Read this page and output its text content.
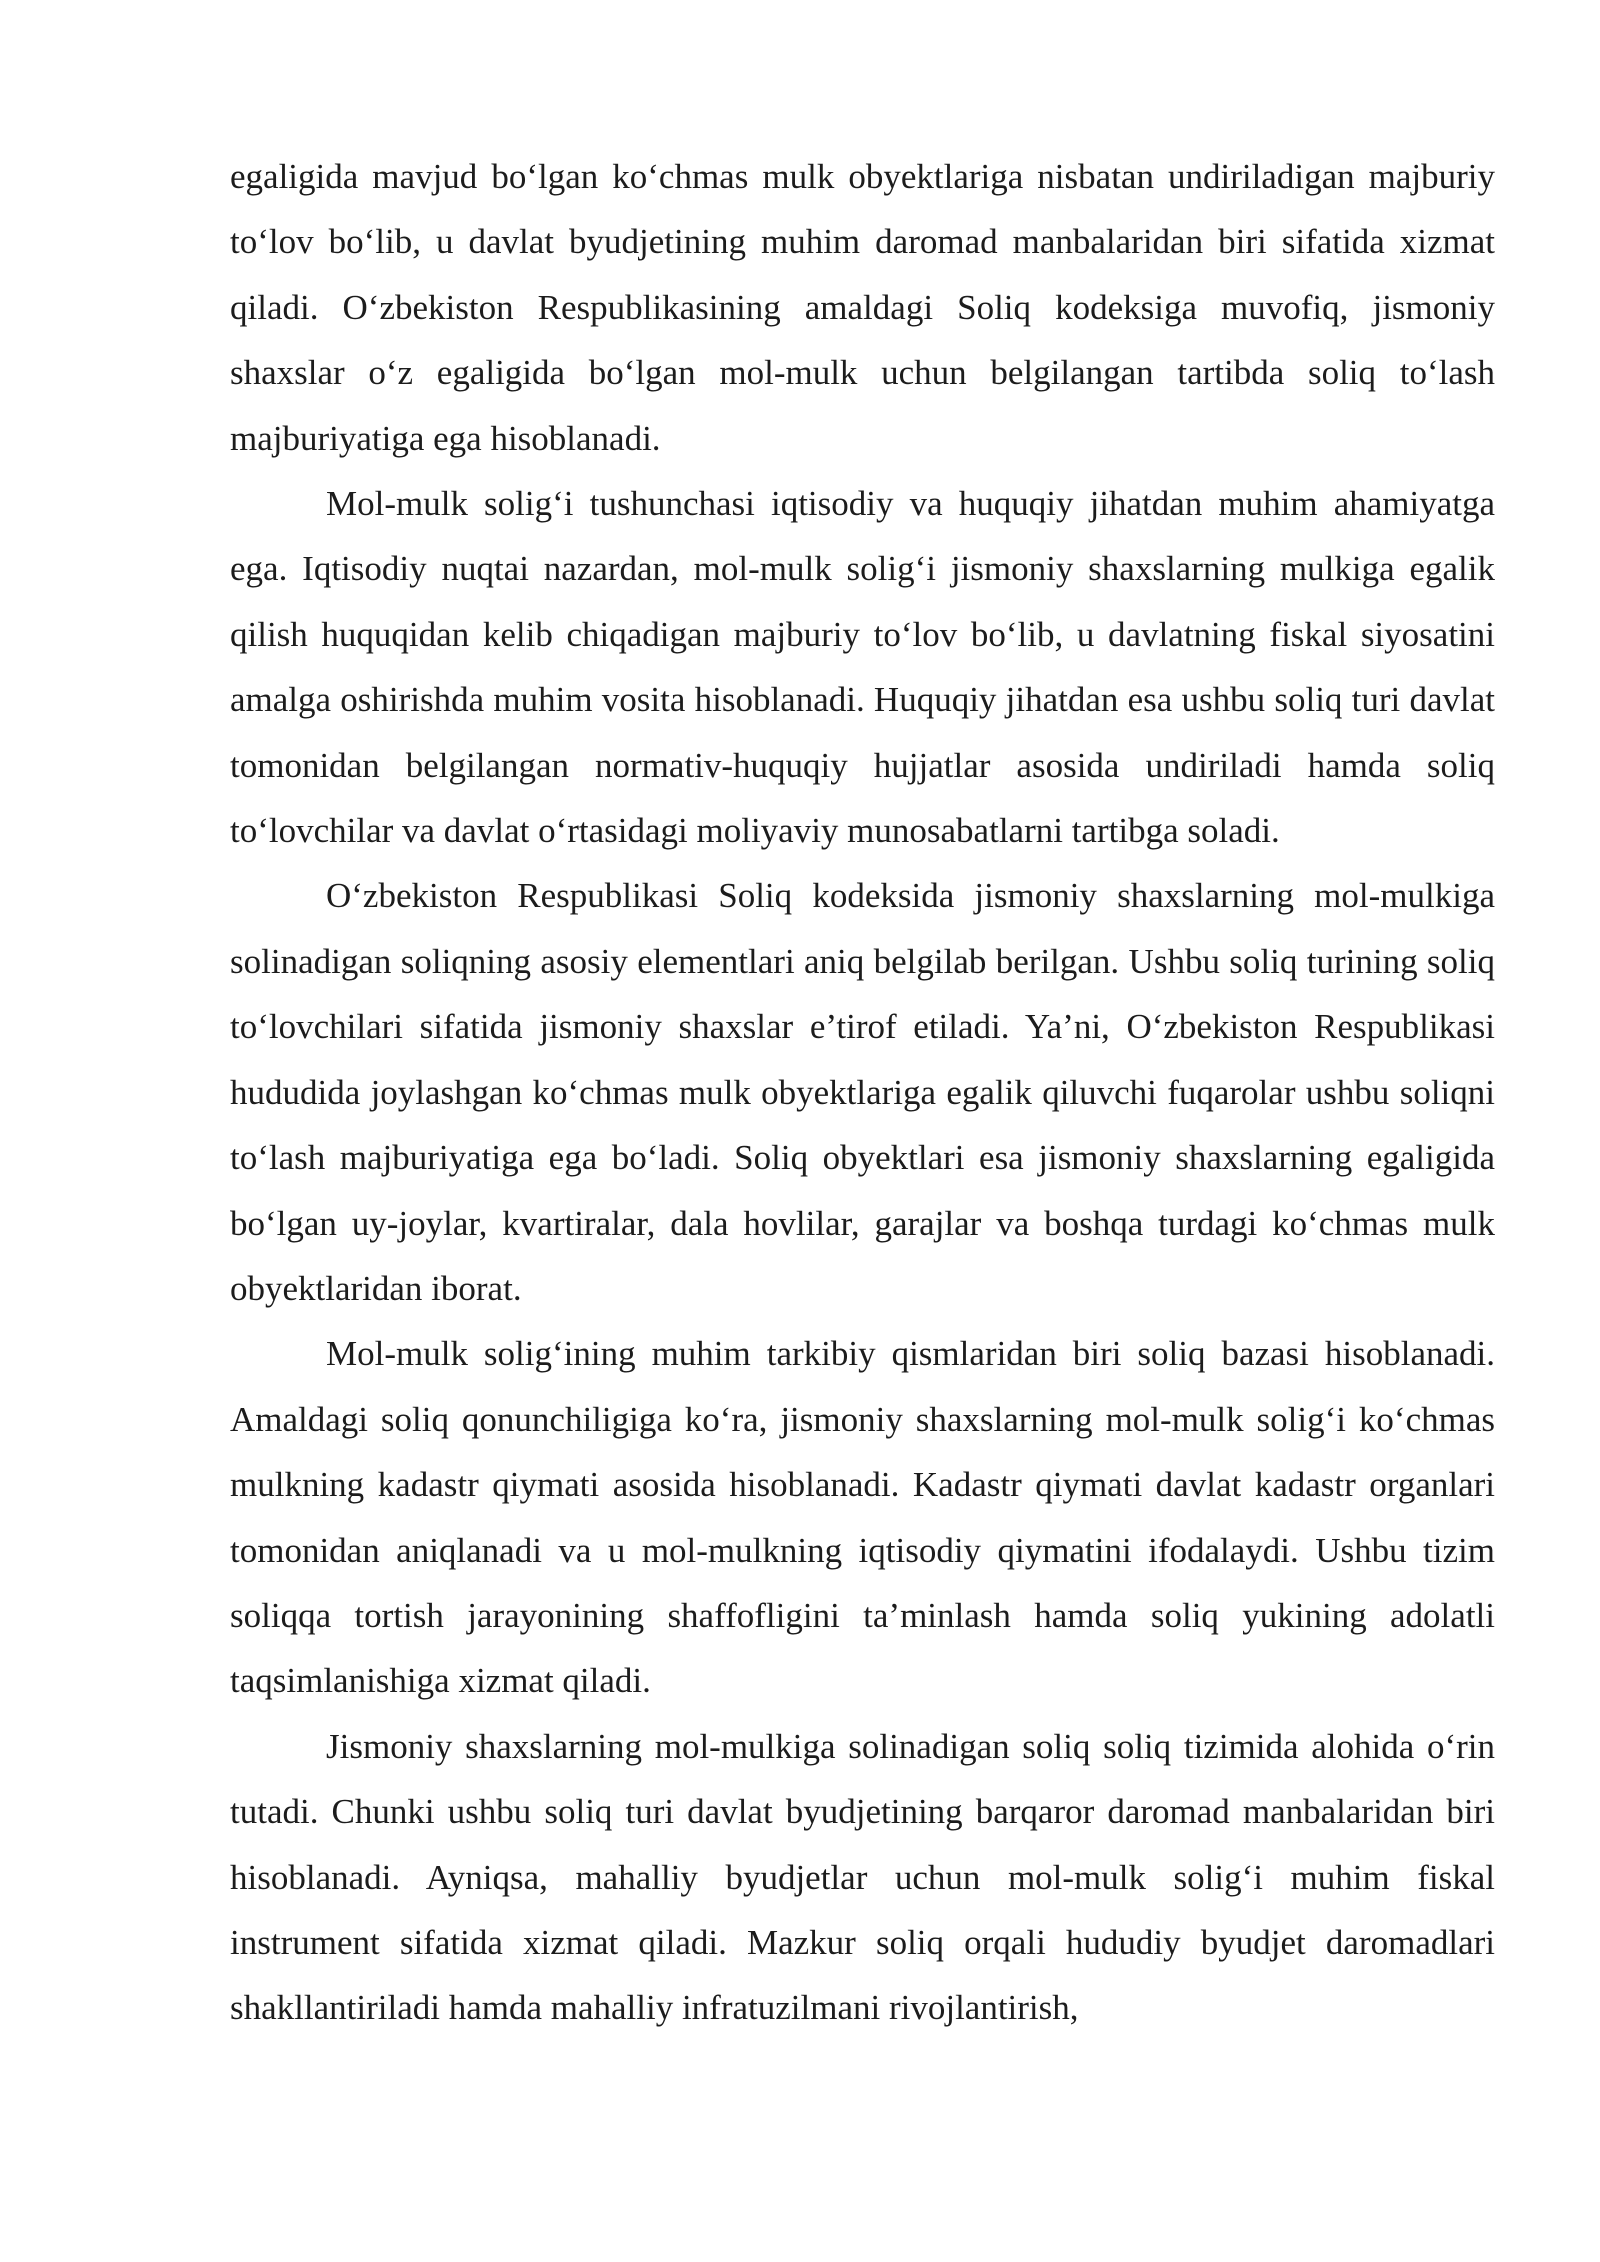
egaligida mavjud bo‘lgan ko‘chmas mulk obyektlariga nisbatan undiriladigan majburiy to‘lov bo‘lib, u davlat byudjetining muhim daromad manbalaridan biri sifatida xizmat qiladi. O‘zbekiston Respublikasining amaldagi Soliq kodeksiga muvofiq, jismoniy shaxslar o‘z egaligida bo‘lgan mol-mulk uchun belgilangan tartibda soliq to‘lash majburiyatiga ega hisoblanadi.

Mol-mulk solig‘i tushunchasi iqtisodiy va huquqiy jihatdan muhim ahamiyatga ega. Iqtisodiy nuqtai nazardan, mol-mulk solig‘i jismoniy shaxslarning mulkiga egalik qilish huquqidan kelib chiqadigan majburiy to‘lov bo‘lib, u davlatning fiskal siyosatini amalga oshirishda muhim vosita hisoblanadi. Huquqiy jihatdan esa ushbu soliq turi davlat tomonidan belgilangan normativ-huquqiy hujjatlar asosida undiriladi hamda soliq to‘lovchilar va davlat o‘rtasidagi moliyaviy munosabatlarni tartibga soladi.

O‘zbekiston Respublikasi Soliq kodeksida jismoniy shaxslarning mol-mulkiga solinadigan soliqning asosiy elementlari aniq belgilab berilgan. Ushbu soliq turining soliq to‘lovchilari sifatida jismoniy shaxslar e’tirof etiladi. Ya’ni, O‘zbekiston Respublikasi hududida joylashgan ko‘chmas mulk obyektlariga egalik qiluvchi fuqarolar ushbu soliqni to‘lash majburiyatiga ega bo‘ladi. Soliq obyektlari esa jismoniy shaxslarning egaligida bo‘lgan uy-joylar, kvartiralar, dala hovlilar, garajlar va boshqa turdagi ko‘chmas mulk obyektlaridan iborat.

Mol-mulk solig‘ining muhim tarkibiy qismlaridan biri soliq bazasi hisoblanadi. Amaldagi soliq qonunchiligiga ko‘ra, jismoniy shaxslarning mol-mulk solig‘i ko‘chmas mulkning kadastr qiymati asosida hisoblanadi. Kadastr qiymati davlat kadastr organlari tomonidan aniqlanadi va u mol-mulkning iqtisodiy qiymatini ifodalaydi. Ushbu tizim soliqqa tortish jarayonining shaffofligini ta’minlash hamda soliq yukining adolatli taqsimlanishiga xizmat qiladi.

Jismoniy shaxslarning mol-mulkiga solinadigan soliq soliq tizimida alohida o‘rin tutadi. Chunki ushbu soliq turi davlat byudjetining barqaror daromad manbalaridan biri hisoblanadi. Ayniqsa, mahalliy byudjetlar uchun mol-mulk solig‘i muhim fiskal instrument sifatida xizmat qiladi. Mazkur soliq orqali hududiy byudjet daromadlari shakllantiriladi hamda mahalliy infratuzilmani rivojlantirish,
